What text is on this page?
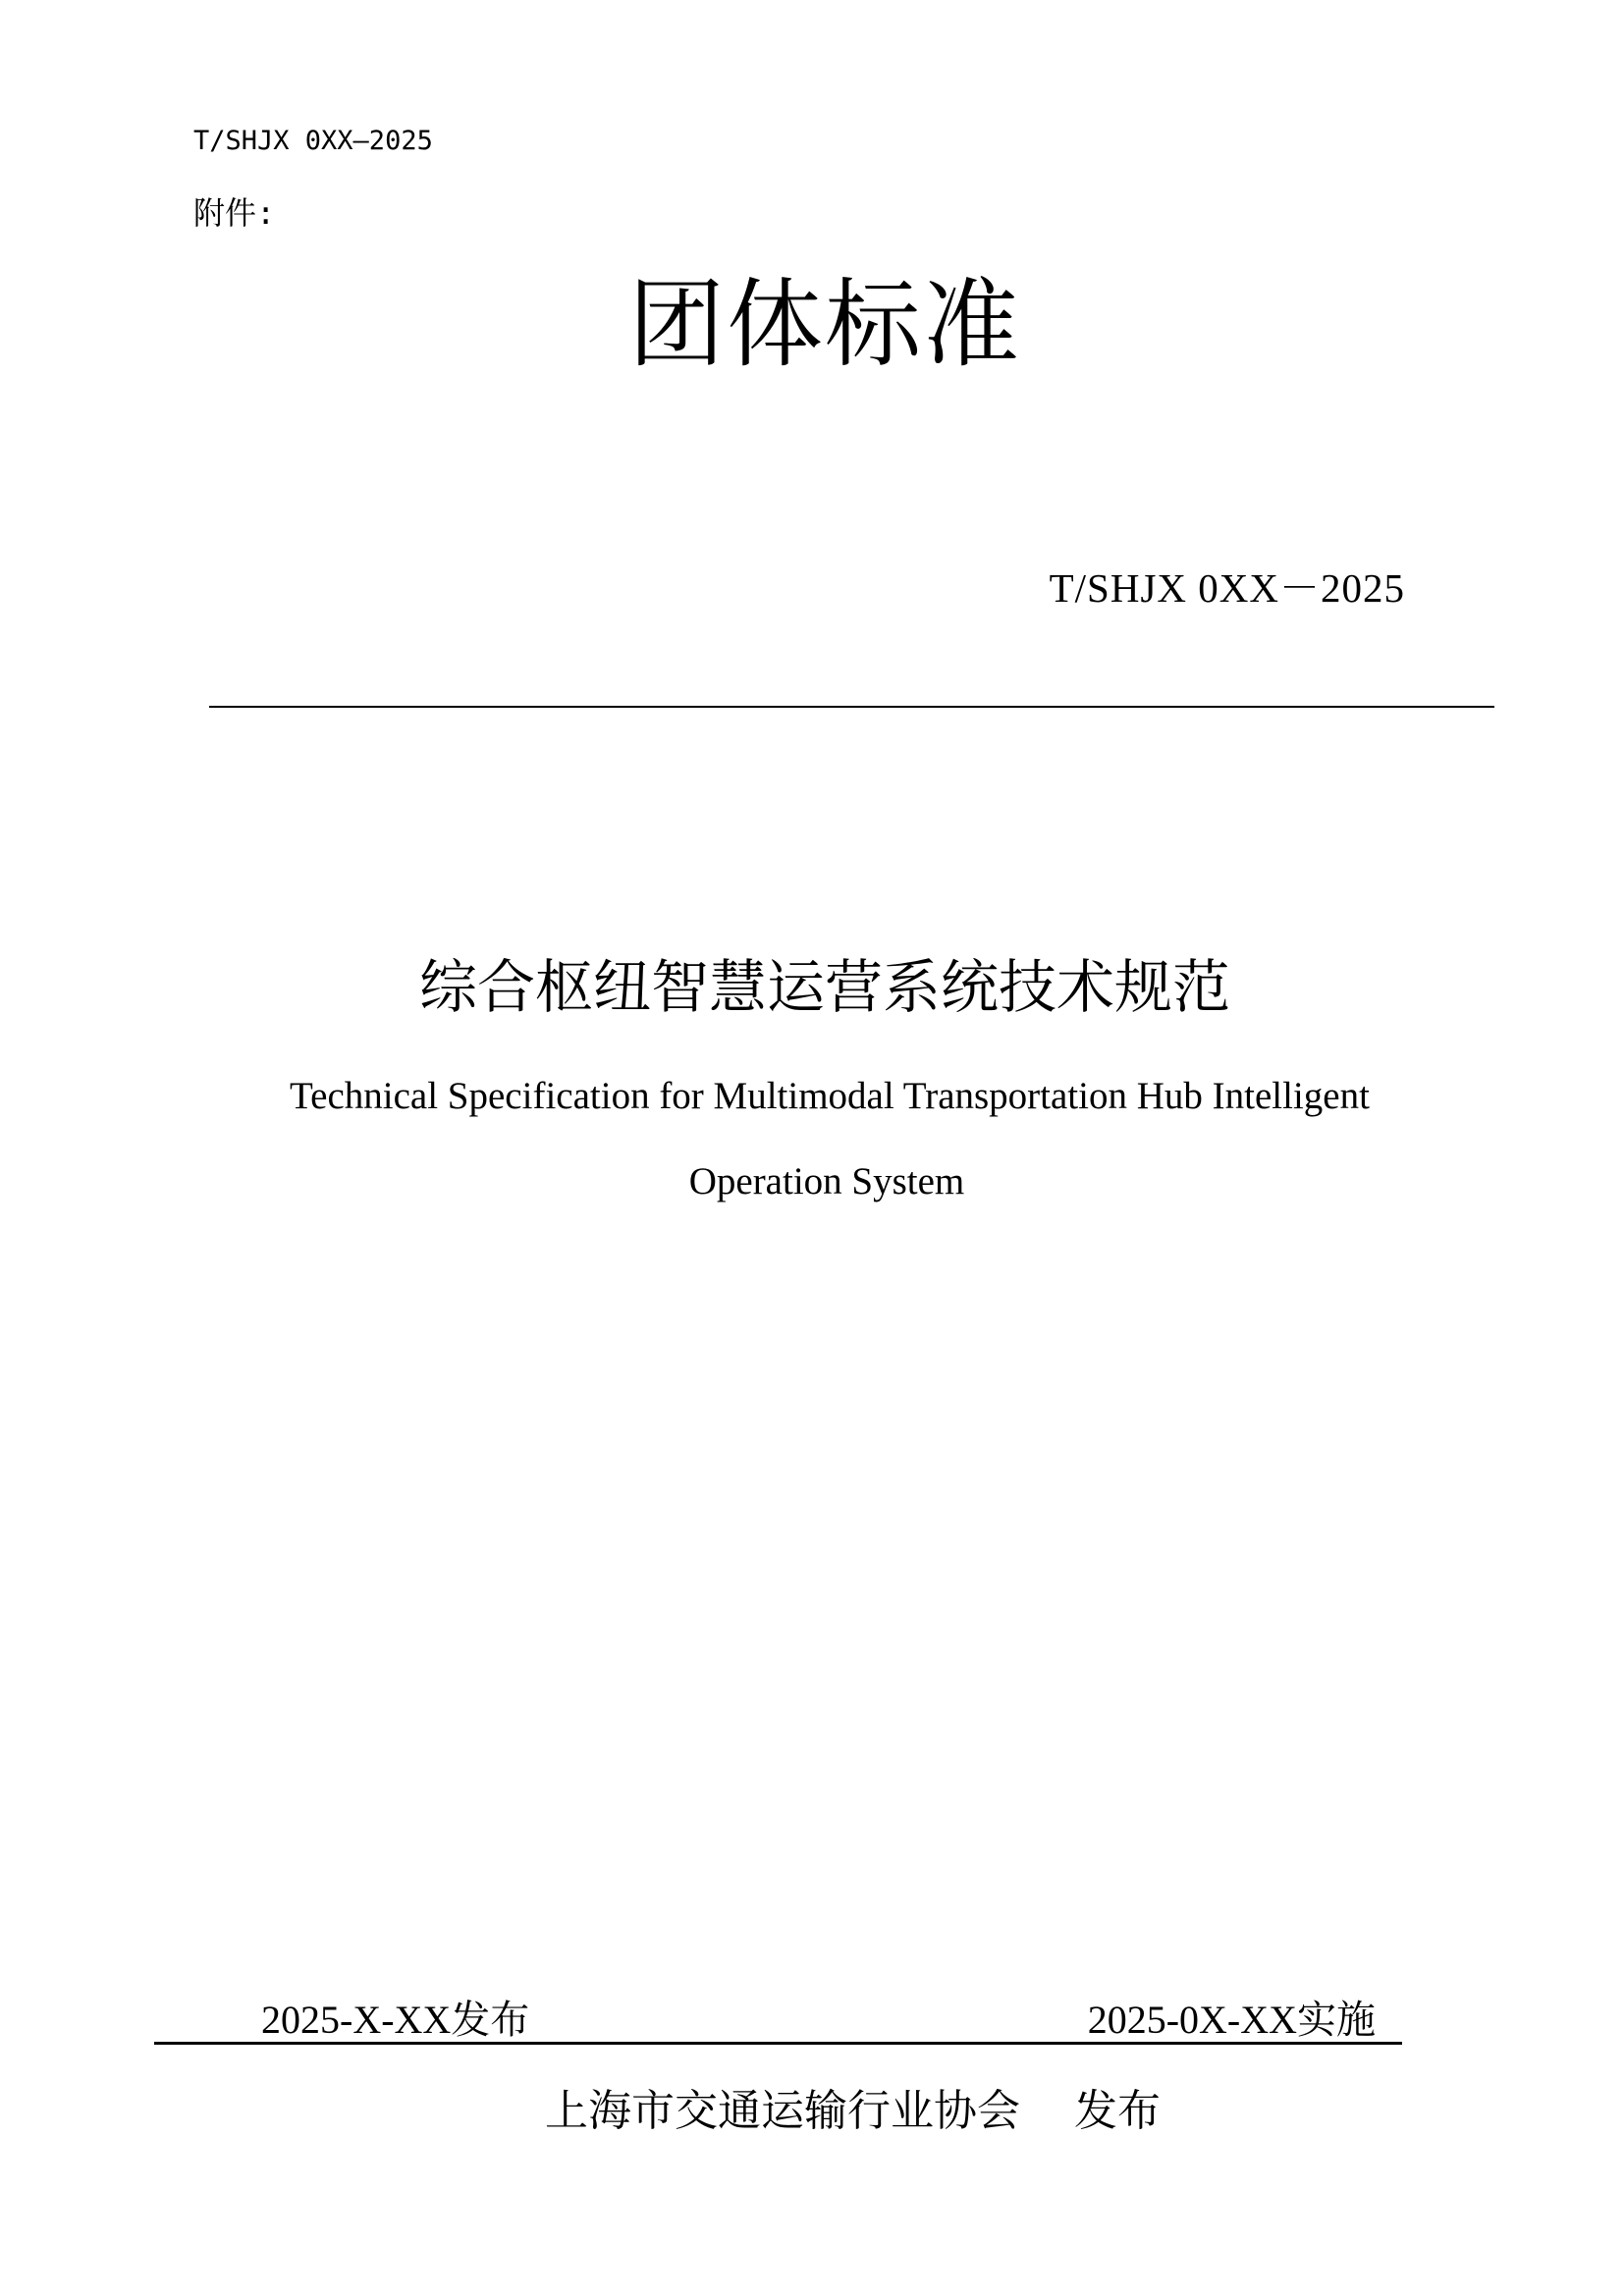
T/SHJX 0XX—2025
附件:
团体标准
T/SHJX 0XX－2025
综合枢纽智慧运营系统技术规范
Technical Specification for Multimodal Transportation Hub Intelligent
Operation System
2025-X-XX发布	2025-0X-XX实施
上海市交通运输行业协会 发布
